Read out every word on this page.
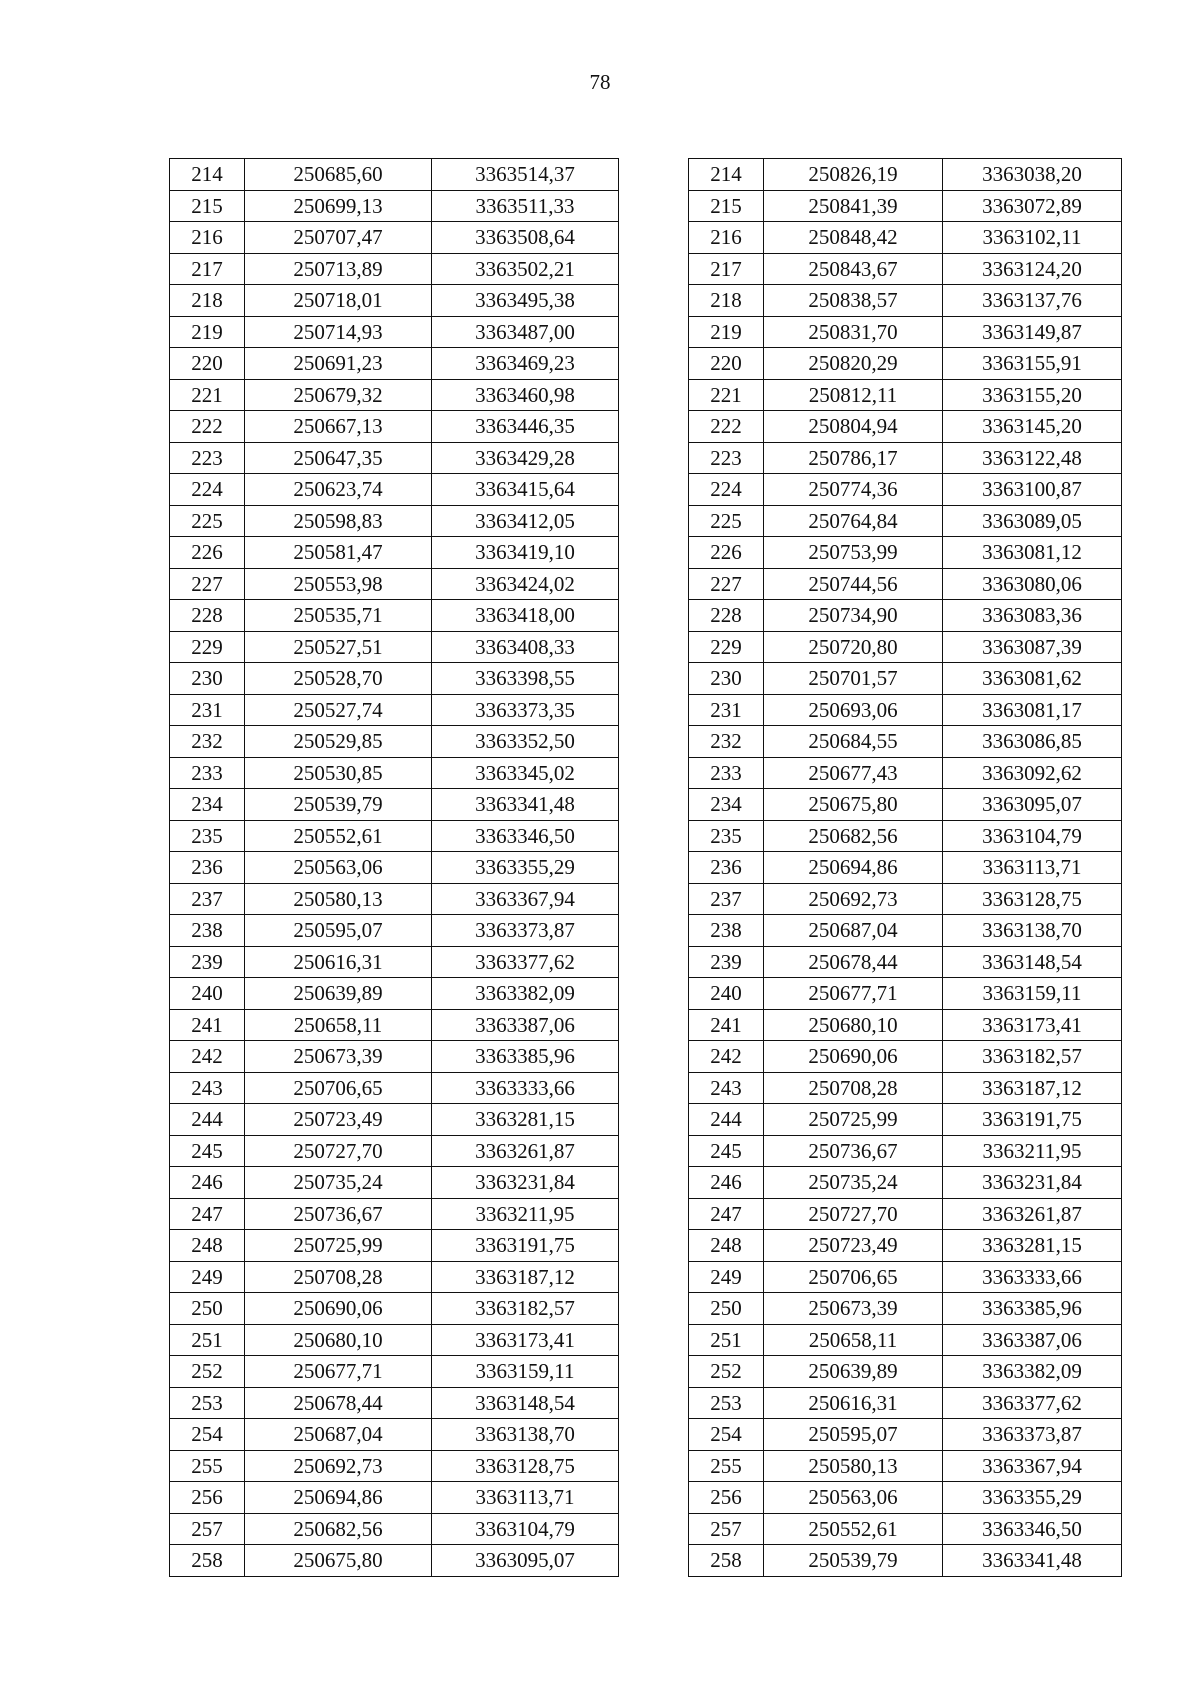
78
214	250685,60	3363514,37
215	250699,13	3363511,33
216	250707,47	3363508,64
217	250713,89	3363502,21
218	250718,01	3363495,38
219	250714,93	3363487,00
220	250691,23	3363469,23
221	250679,32	3363460,98
222	250667,13	3363446,35
223	250647,35	3363429,28
224	250623,74	3363415,64
225	250598,83	3363412,05
226	250581,47	3363419,10
227	250553,98	3363424,02
228	250535,71	3363418,00
229	250527,51	3363408,33
230	250528,70	3363398,55
231	250527,74	3363373,35
232	250529,85	3363352,50
233	250530,85	3363345,02
234	250539,79	3363341,48
235	250552,61	3363346,50
236	250563,06	3363355,29
237	250580,13	3363367,94
238	250595,07	3363373,87
239	250616,31	3363377,62
240	250639,89	3363382,09
241	250658,11	3363387,06
242	250673,39	3363385,96
243	250706,65	3363333,66
244	250723,49	3363281,15
245	250727,70	3363261,87
246	250735,24	3363231,84
247	250736,67	3363211,95
248	250725,99	3363191,75
249	250708,28	3363187,12
250	250690,06	3363182,57
251	250680,10	3363173,41
252	250677,71	3363159,11
253	250678,44	3363148,54
254	250687,04	3363138,70
255	250692,73	3363128,75
256	250694,86	3363113,71
257	250682,56	3363104,79
258	250675,80	3363095,07
214	250826,19	3363038,20
215	250841,39	3363072,89
216	250848,42	3363102,11
217	250843,67	3363124,20
218	250838,57	3363137,76
219	250831,70	3363149,87
220	250820,29	3363155,91
221	250812,11	3363155,20
222	250804,94	3363145,20
223	250786,17	3363122,48
224	250774,36	3363100,87
225	250764,84	3363089,05
226	250753,99	3363081,12
227	250744,56	3363080,06
228	250734,90	3363083,36
229	250720,80	3363087,39
230	250701,57	3363081,62
231	250693,06	3363081,17
232	250684,55	3363086,85
233	250677,43	3363092,62
234	250675,80	3363095,07
235	250682,56	3363104,79
236	250694,86	3363113,71
237	250692,73	3363128,75
238	250687,04	3363138,70
239	250678,44	3363148,54
240	250677,71	3363159,11
241	250680,10	3363173,41
242	250690,06	3363182,57
243	250708,28	3363187,12
244	250725,99	3363191,75
245	250736,67	3363211,95
246	250735,24	3363231,84
247	250727,70	3363261,87
248	250723,49	3363281,15
249	250706,65	3363333,66
250	250673,39	3363385,96
251	250658,11	3363387,06
252	250639,89	3363382,09
253	250616,31	3363377,62
254	250595,07	3363373,87
255	250580,13	3363367,94
256	250563,06	3363355,29
257	250552,61	3363346,50
258	250539,79	3363341,48
